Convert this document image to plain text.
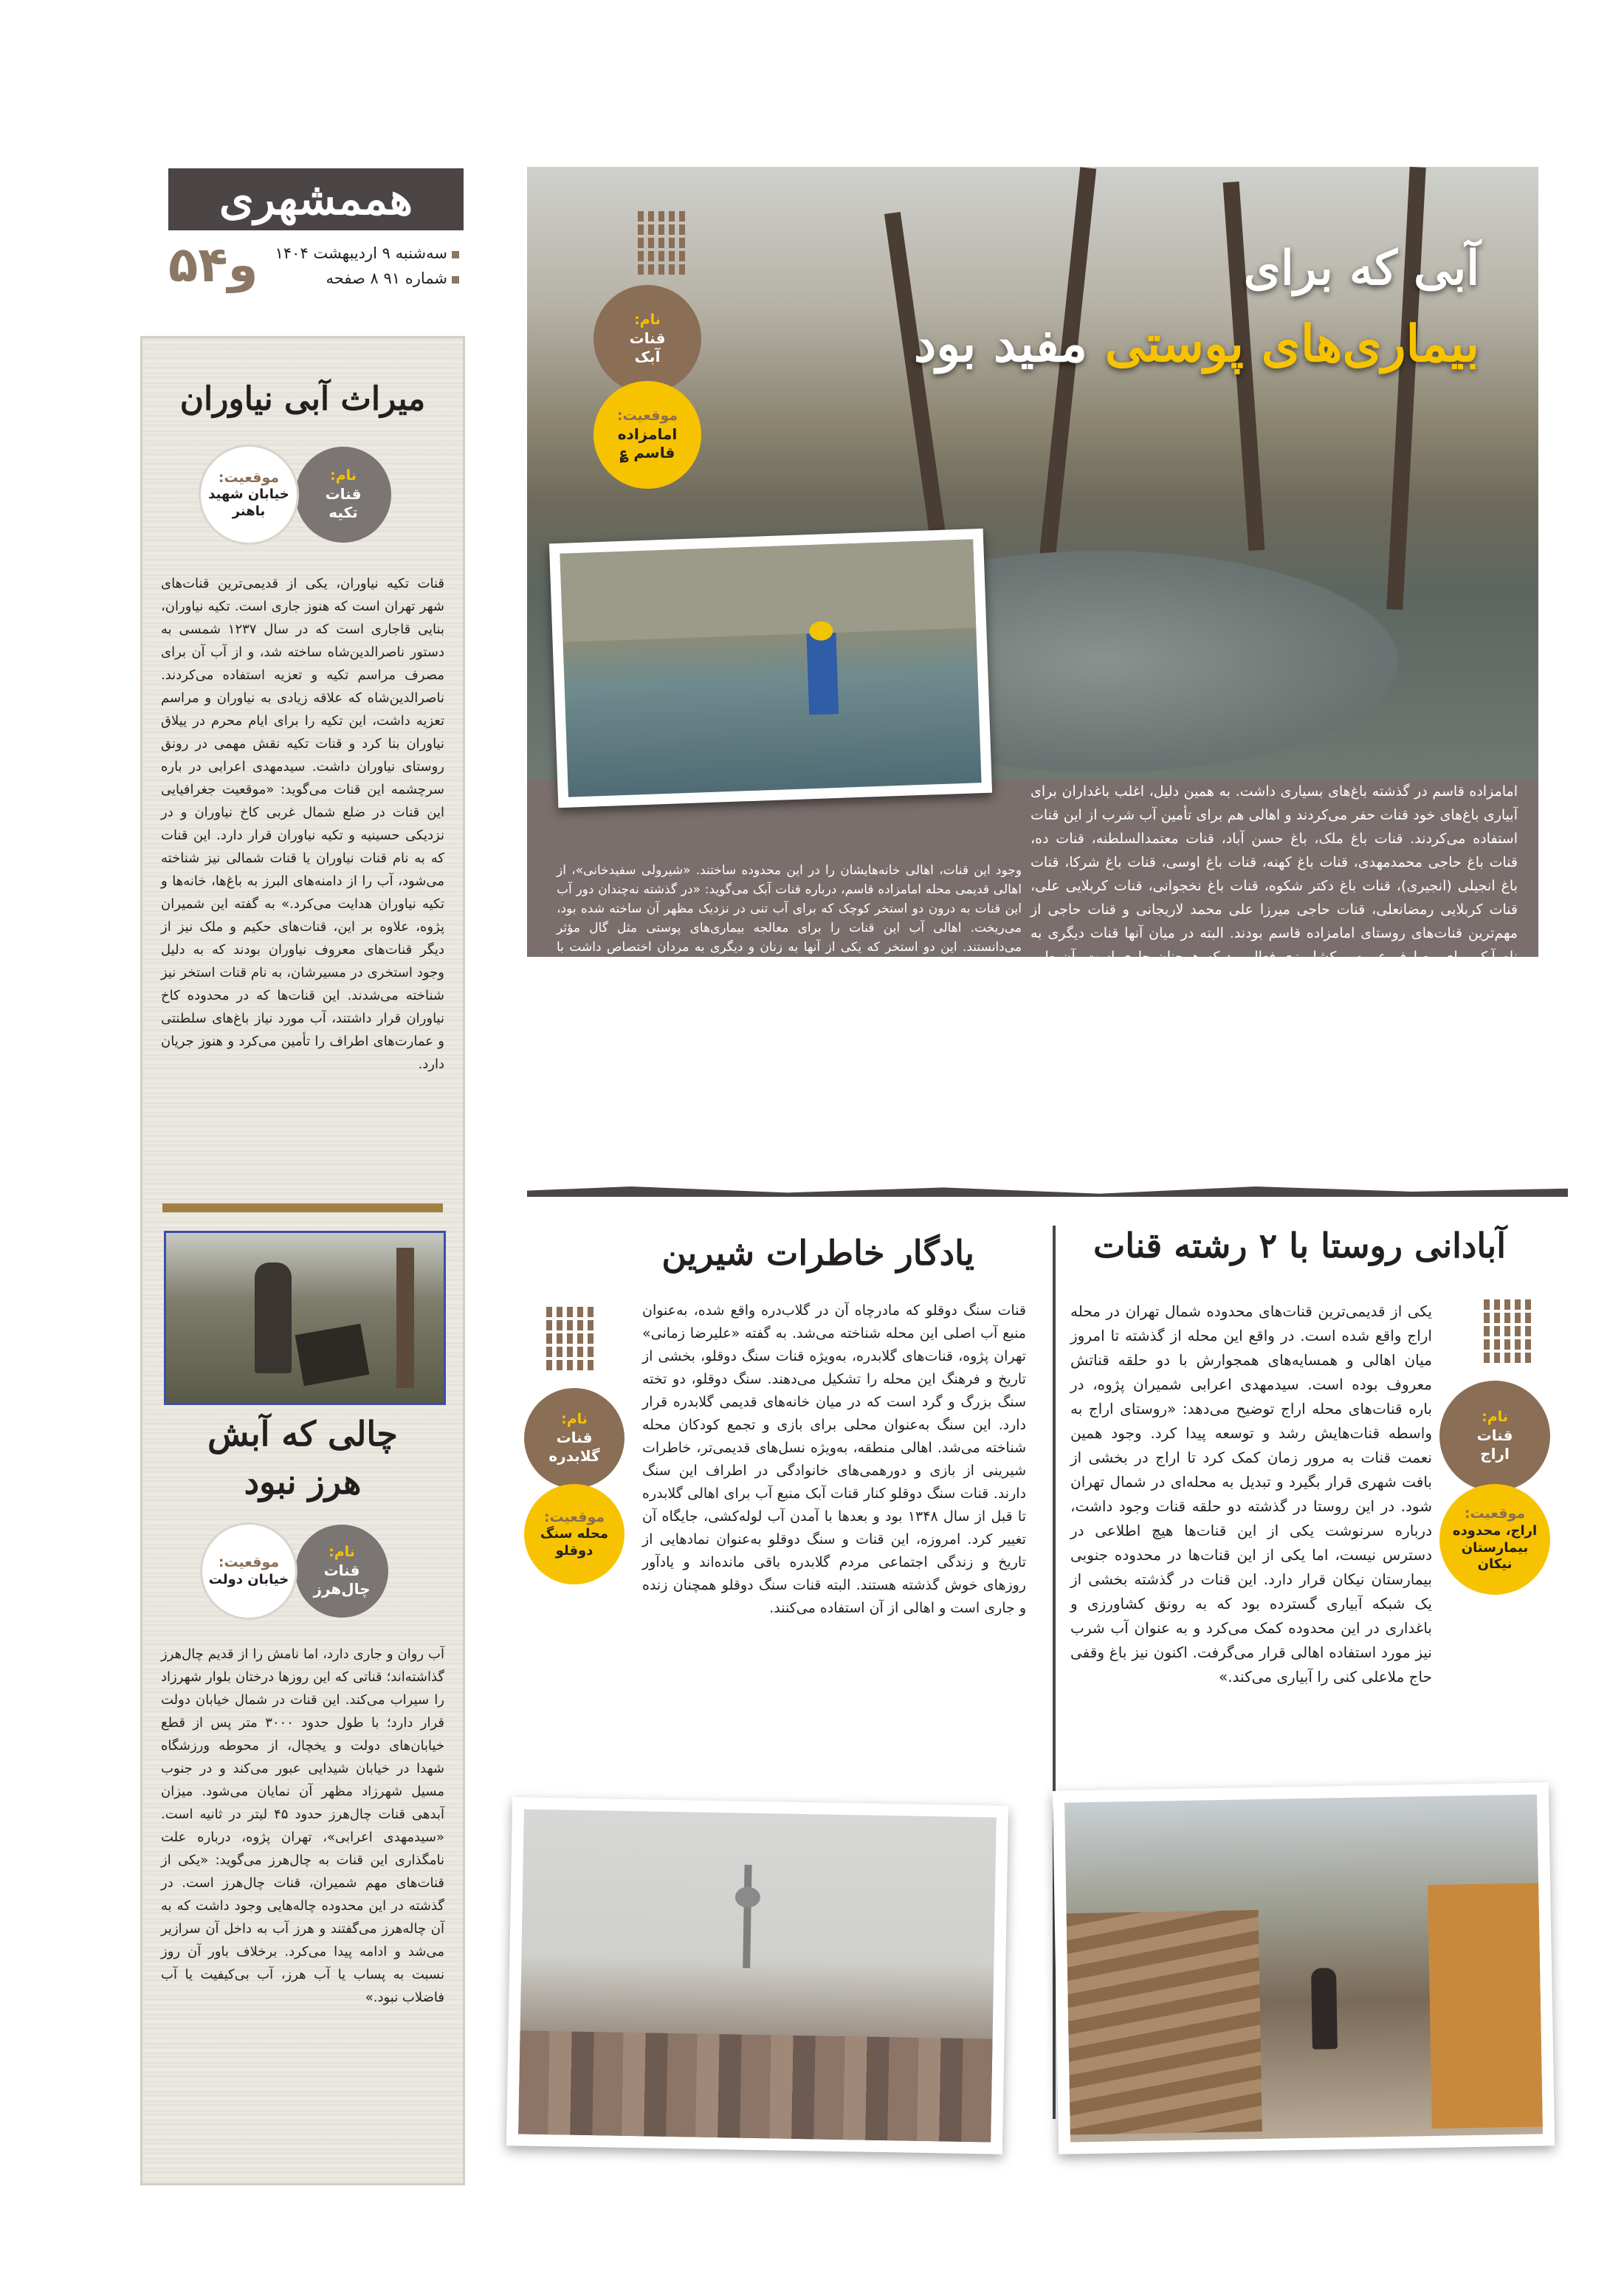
هممشهری
۵و۴	سه‌شنبه ۹ اردیبهشت ۱۴۰۴
شماره ۹۱ ۸ صفحه
میراث آبی نیاوران
نام:
قنات تکیه
موقعیت:
خیابان شهید باهنر
قنات تکیه نیاوران، یکی از قدیمی‌ترین قنات‌های شهر تهران است که هنوز جاری است. تکیه نیاوران، بنایی قاجاری است که در سال ۱۲۳۷ شمسی به دستور ناصرالدین‌شاه ساخته شد، و از آب آن برای مصرف مراسم تکیه و تعزیه استفاده می‌کردند. ناصرالدین‌شاه که علاقه زیادی به نیاوران و مراسم تعزیه داشت، این تکیه را برای ایام محرم در ییلاق نیاوران بنا کرد و قنات تکیه نقش مهمی در رونق روستای نیاوران داشت. سیدمهدی اعرابی در باره سرچشمه این قنات می‌گوید: «موقعیت جغرافیایی این قنات در ضلع شمال غربی کاخ نیاوران و در نزدیکی حسینیه و تکیه نیاوران قرار دارد. این قنات که به نام قنات نیاوران یا قنات شمالی نیز شناخته می‌شود، آب را از دامنه‌های البرز به باغ‌ها، خانه‌ها و تکیه نیاوران هدایت می‌کرد.» به گفته این شمیران پژوه، علاوه بر این، قنات‌های حکیم و ملک نیز از دیگر قنات‌های معروف نیاوران بودند که به دلیل وجود استخری در مسیرشان، به نام قنات استخر نیز شناخته می‌شدند. این قنات‌ها که در محدوده کاخ نیاوران قرار داشتند، آب مورد نیاز باغ‌های سلطنتی و عمارت‌های اطراف را تأمین می‌کرد و هنوز جریان دارد.
چالی که آبش
هرز نبود
نام:
قنات چال‌هرز
موقعیت:
خیابان دولت
آب روان و جاری دارد، اما نامش را از قدیم چال‌هرز گذاشته‌اند؛ قناتی که این روزها درختان بلوار شهرزاد را سیراب می‌کند. این قنات در شمال خیابان دولت قرار دارد؛ با طول حدود ۳۰۰۰ متر پس از قطع خیابان‌های دولت و یخچال، از محوطه ورزشگاه شهدا در خیابان شیدایی عبور می‌کند و در جنوب مسیل شهرزاد مظهر آن نمایان می‌شود. میزان آبدهی قنات چال‌هرز حدود ۴۵ لیتر در ثانیه است. «سیدمهدی اعرابی»، تهران پژوه، درباره علت نامگذاری این قنات به چال‌هرز می‌گوید: «یکی از قنات‌های مهم شمیران، قنات چال‌هرز است. در گذشته در این محدوده چاله‌هایی وجود داشت که به آن چاله‌هرز می‌گفتند و هرز آب به داخل آن سرازیر می‌شد و ادامه پیدا می‌کرد. برخلاف باور آن روز نسبت به پساب یا آب هرز، آب بی‌کیفیت یا آب فاضلاب نبود.»
آبی که برای
بیماری‌های پوستی مفید بود
نام:
قنات آبک
موقعیت:
امامزاده قاسم ؏
امامزاده قاسم در گذشته باغ‌های بسیاری داشت. به همین دلیل، اغلب باغداران برای آبیاری باغ‌های خود قنات حفر می‌کردند و اهالی هم برای تأمین آب شرب از این قنات استفاده می‌کردند. قنات باغ ملک، باغ حسن آباد، قنات معتمدالسلطنه، قنات ده، قنات باغ حاجی محمدمهدی، قنات باغ کهنه، قنات باغ اوسی، قنات باغ شرکا، قنات باغ انجیلی (انجیری)، قنات باغ دکتر شکوه، قنات باغ نخجوانی، قنات کربلایی علی، قنات کربلایی رمضانعلی، قنات حاجی میرزا علی محمد لاریجانی و قنات حاجی از مهم‌ترین قنات‌های روستای امامزاده قاسم بودند. البته در میان آنها قنات دیگری به نام آبک برای مصارف عموم و کشاورزی فعال بود که همچنان جاری است. آن طور که در کتاب جغرافیای تاریخی شمیران «منوچهر ستوده» آمده، این قنات در واقع همان چشمه قاسم است که در شمال شرقی امامزاده قاسم قرار داشت و آب آن از طریق کانال به امامزاده قاسم می‌رسید و آب شرب اهالی را تأمین می‌کرد. به مرور زمان به دلیل
وجود این قنات، اهالی خانه‌هایشان را در این محدوده ساختند. «شیرولی سفیدخانی»، از اهالی قدیمی محله امامزاده قاسم، درباره قنات آبک می‌گوید: «در گذشته نه‌چندان دور آب این قنات به درون دو استخر کوچک که برای آب تنی در نزدیک مظهر آن ساخته شده بود، می‌ریخت. اهالی آب این قنات را برای معالجه بیماری‌های پوستی مثل گال مؤثر می‌دانستند. این دو استخر که یکی از آنها به زنان و دیگری به مردان اختصاص داشت با دیواری از هم جدا می‌شد. همچنین یک قهوه‌خانه در زیر سایه درختان در کنار این دو استخر وجود داشت که اهالی روستا و مسافران در آنجا پذیرایی می‌شدند. اکنون این قنات فعال است و برای مصارف کشاورزی از آن استفاده می‌شود.»
آبادانی روستا با ۲ رشته قنات
نام:
قنات اراج
موقعیت:
اراج، محدوده بیمارستان نیکان
یکی از قدیمی‌ترین قنات‌های محدوده شمال تهران در محله اراج واقع شده است. در واقع این محله از گذشته تا امروز میان اهالی و همسایه‌های همجوارش با دو حلقه قناتش معروف بوده است. سیدمهدی اعرابی شمیران پژوه، در باره قنات‌های محله اراج توضیح می‌دهد: «روستای اراج به واسطه قنات‌هایش رشد و توسعه پیدا کرد. وجود همین نعمت قنات به مرور زمان کمک کرد تا اراج در بخشی از بافت شهری قرار بگیرد و تبدیل به محله‌ای در شمال تهران شود. در این روستا در گذشته دو حلقه قنات وجود داشت، درباره سرنوشت یکی از این قنات‌ها هیچ اطلاعی در دسترس نیست، اما یکی از این قنات‌ها در محدوده جنوبی بیمارستان نیکان قرار دارد. این قنات در گذشته بخشی از یک شبکه آبیاری گسترده بود که به رونق کشاورزی و باغداری در این محدوده کمک می‌کرد و به عنوان آب شرب نیز مورد استفاده اهالی قرار می‌گرفت. اکنون نیز باغ وقفی حاج ملاعلی کنی را آبیاری می‌کند.»
یادگار خاطرات شیرین
نام:
قنات گلابدره
موقعیت:
محله سنگ دوقلو
قنات سنگ دوقلو که مادرچاه آن در گلاب‌دره واقع شده، به‌عنوان منبع آب اصلی این محله شناخته می‌شد. به گفته «علیرضا زمانی» تهران پژوه، قنات‌های گلابدره، به‌ویژه قنات سنگ دوقلو، بخشی از تاریخ و فرهنگ این محله را تشکیل می‌دهند. سنگ دوقلو، دو تخته سنگ بزرگ و گرد است که در میان خانه‌های قدیمی گلابدره قرار دارد. این سنگ به‌عنوان محلی برای بازی و تجمع کودکان محله شناخته می‌شد. اهالی منطقه، به‌ویژه نسل‌های قدیمی‌تر، خاطرات شیرینی از بازی و دورهمی‌های خانوادگی در اطراف این سنگ دارند. قنات سنگ دوقلو کنار قنات آبک منبع آب برای اهالی گلابدره تا قبل از سال ۱۳۴۸ بود و بعدها با آمدن آب لوله‌کشی، جایگاه آن تغییر کرد. امروزه، این قنات و سنگ دوقلو به‌عنوان نمادهایی از تاریخ و زندگی اجتماعی مردم گلابدره باقی مانده‌اند و یادآور روزهای خوش گذشته هستند. البته قنات سنگ دوقلو همچنان زنده و جاری است و اهالی از آن استفاده می‌کنند.
